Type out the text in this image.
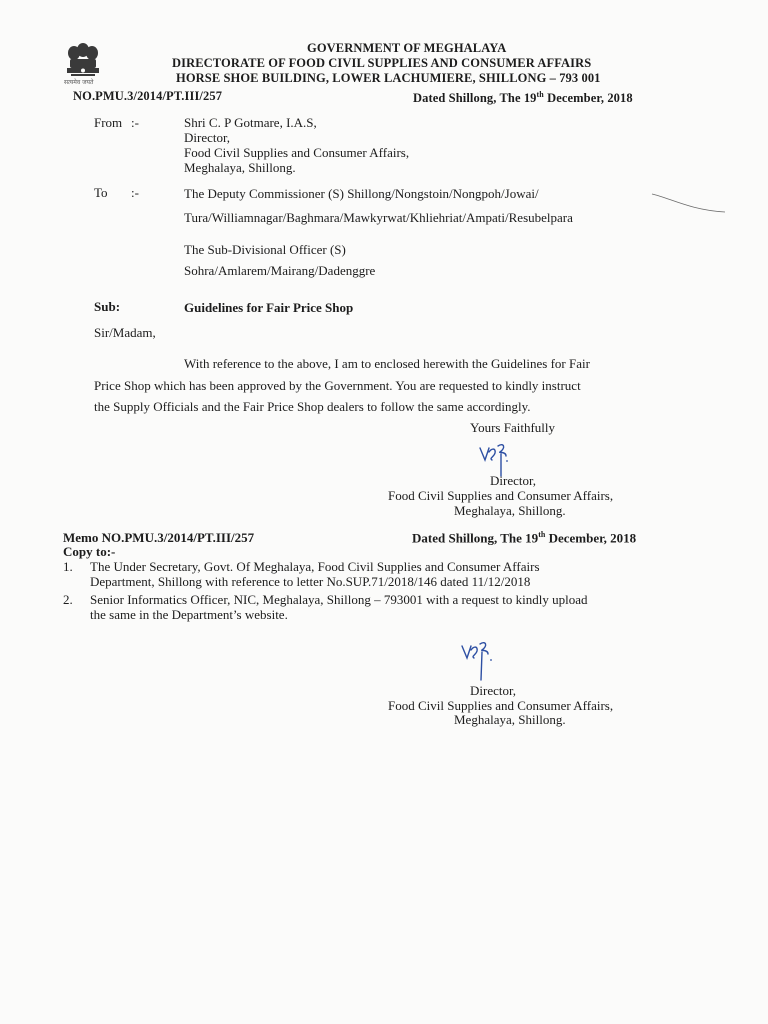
सत्यमेव जयते
GOVERNMENT OF MEGHALAYA
DIRECTORATE OF FOOD CIVIL SUPPLIES AND CONSUMER AFFAIRS
HORSE SHOE BUILDING, LOWER LACHUMIERE, SHILLONG – 793 001
NO.PMU.3/2014/PT.III/257	Dated Shillong, The 19th December, 2018
From :-	Shri C. P Gotmare, I.A.S,
Director,
Food Civil Supplies and Consumer Affairs,
Meghalaya, Shillong.
To :-	The Deputy Commissioner (S) Shillong/Nongstoin/Nongpoh/Jowai/
Tura/Williamnagar/Baghmara/Mawkyrwat/Khliehriat/Ampati/Resubelpara
The Sub-Divisional Officer (S)
Sohra/Amlarem/Mairang/Dadenggre
Sub:	Guidelines for Fair Price Shop
Sir/Madam,
With reference to the above, I am to enclosed herewith the Guidelines for Fair
Price Shop which has been approved by the Government. You are requested to kindly instruct
the Supply Officials and the Fair Price Shop dealers to follow the same accordingly.
Yours Faithfully
Director,
Food Civil Supplies and Consumer Affairs,
Meghalaya, Shillong.
Memo NO.PMU.3/2014/PT.III/257	Dated Shillong, The 19th December, 2018
Copy to:-
1. The Under Secretary, Govt. Of Meghalaya, Food Civil Supplies and Consumer Affairs
Department, Shillong with reference to letter No.SUP.71/2018/146 dated 11/12/2018
2. Senior Informatics Officer, NIC, Meghalaya, Shillong – 793001 with a request to kindly upload
the same in the Department’s website.
Director,
Food Civil Supplies and Consumer Affairs,
Meghalaya, Shillong.
